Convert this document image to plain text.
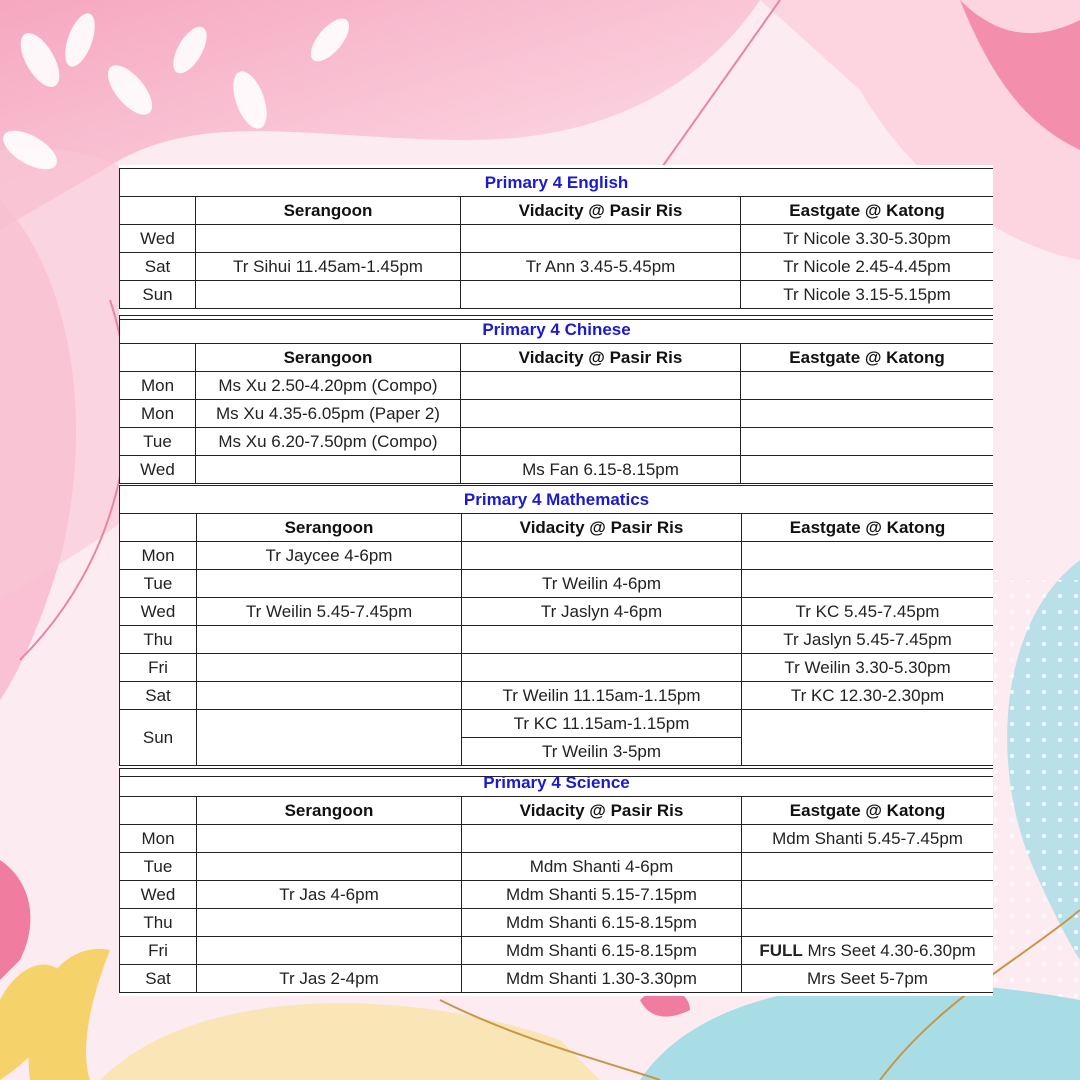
Primary 4 English			
	Serangoon	Vidacity @ Pasir Ris	Eastgate @ Katong
Wed			Tr Nicole 3.30-5.30pm
Sat	Tr Sihui 11.45am-1.45pm	Tr Ann 3.45-5.45pm	Tr Nicole 2.45-4.45pm
Sun			Tr Nicole 3.15-5.15pm

Primary 4 Chinese			
	Serangoon	Vidacity @ Pasir Ris	Eastgate @ Katong
Mon	Ms Xu 2.50-4.20pm (Compo)		
Mon	Ms Xu 4.35-6.05pm (Paper 2)		
Tue	Ms Xu 6.20-7.50pm (Compo)		
Wed		Ms Fan 6.15-8.15pm	
Primary 4 Mathematics			
	Serangoon	Vidacity @ Pasir Ris	Eastgate @ Katong
Mon	Tr Jaycee 4-6pm		
Tue		Tr Weilin 4-6pm	
Wed	Tr Weilin 5.45-7.45pm	Tr Jaslyn 4-6pm	Tr KC 5.45-7.45pm
Thu			Tr Jaslyn 5.45-7.45pm
Fri			Tr Weilin 3.30-5.30pm
Sat		Tr Weilin 11.15am-1.15pm	Tr KC 12.30-2.30pm
Sun		Tr KC 11.15am-1.15pm	
		Tr Weilin 3-5pm	

Primary 4 Science			
	Serangoon	Vidacity @ Pasir Ris	Eastgate @ Katong
Mon			Mdm Shanti 5.45-7.45pm
Tue		Mdm Shanti 4-6pm	
Wed	Tr Jas 4-6pm	Mdm Shanti 5.15-7.15pm	
Thu		Mdm Shanti 6.15-8.15pm	
Fri		Mdm Shanti 6.15-8.15pm	FULL Mrs Seet 4.30-6.30pm
Sat	Tr Jas 2-4pm	Mdm Shanti 1.30-3.30pm	Mrs Seet 5-7pm
